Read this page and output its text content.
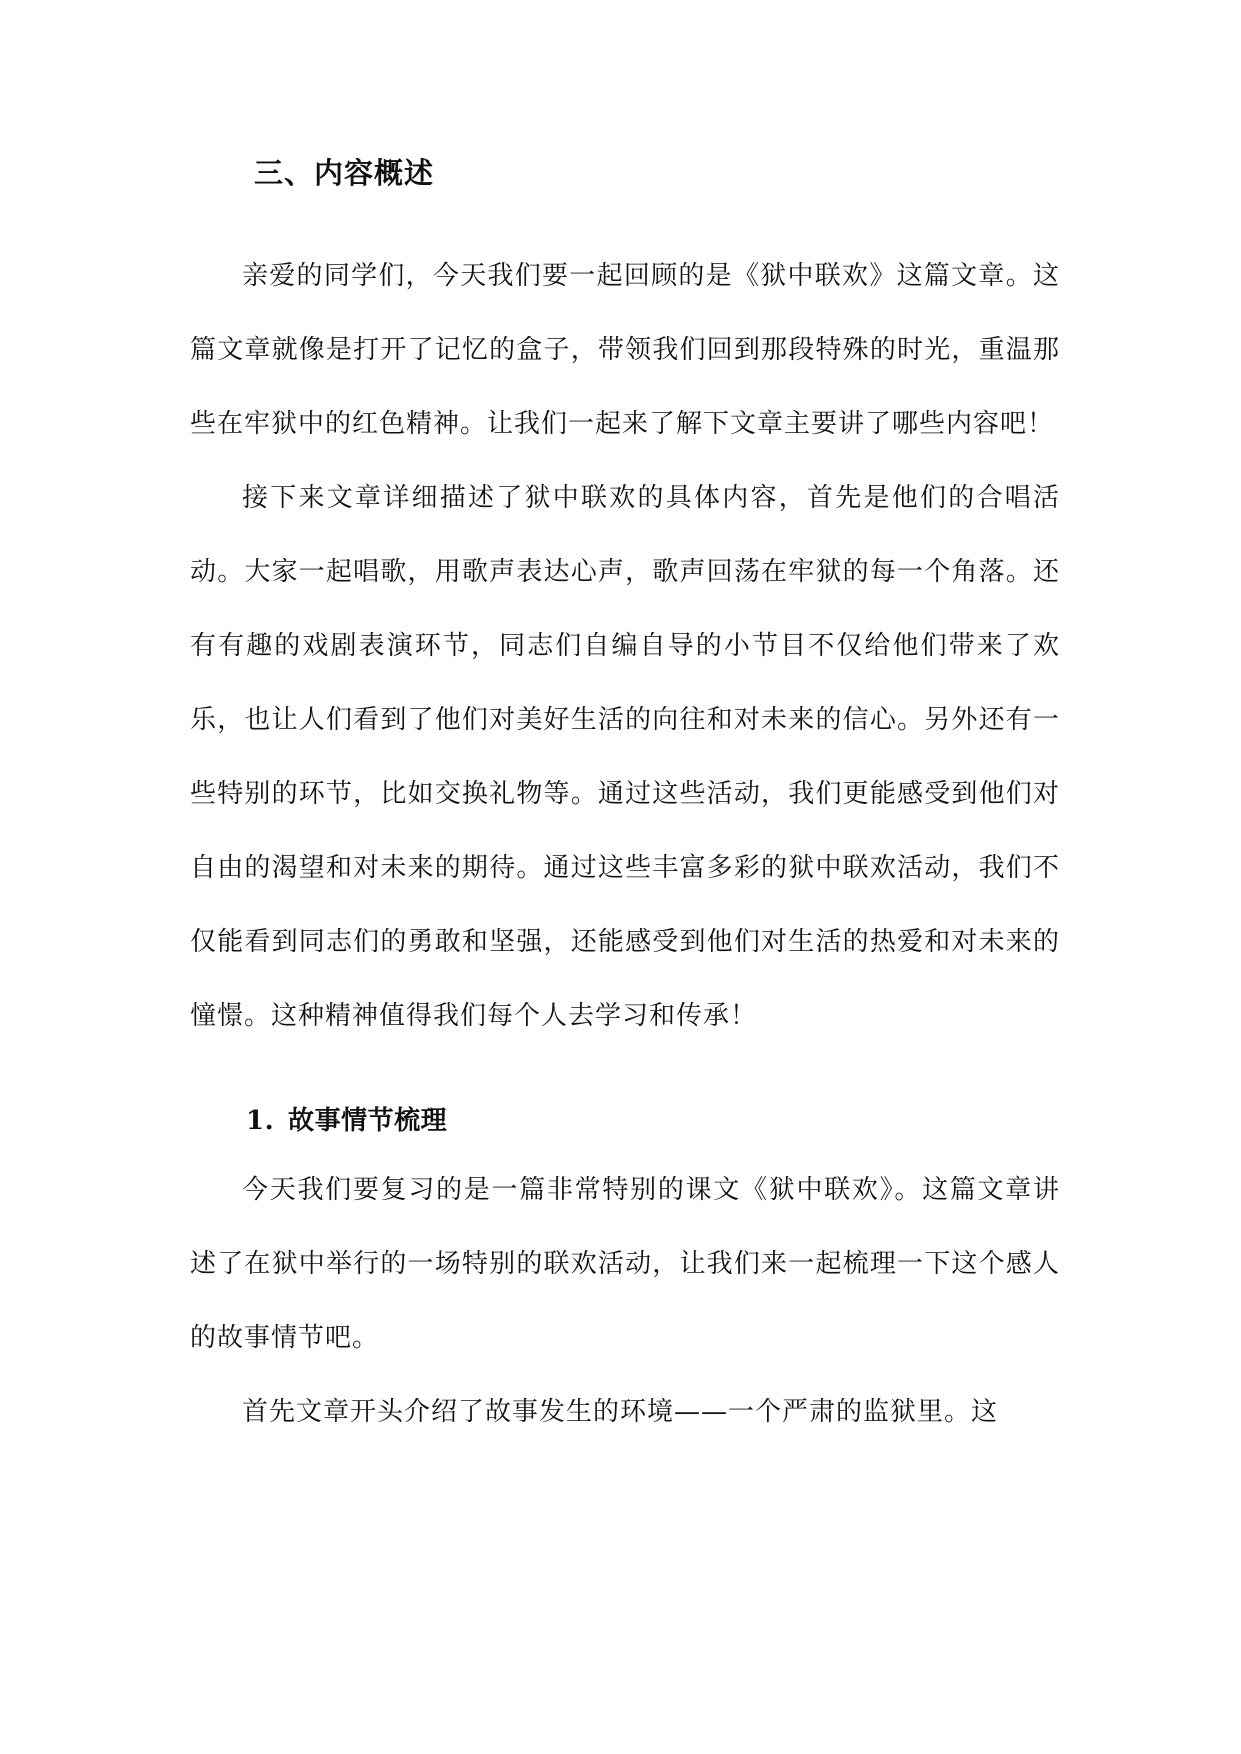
三、内容概述

亲爱的同学们，今天我们要一起回顾的是《狱中联欢》这篇文章。这篇文章就像是打开了记忆的盒子，带领我们回到那段特殊的时光，重温那些在牢狱中的红色精神。让我们一起来了解下文章主要讲了哪些内容吧！

接下来文章详细描述了狱中联欢的具体内容，首先是他们的合唱活动。大家一起唱歌，用歌声表达心声，歌声回荡在牢狱的每一个角落。还有有趣的戏剧表演环节，同志们自编自导的小节目不仅给他们带来了欢乐，也让人们看到了他们对美好生活的向往和对未来的信心。另外还有一些特别的环节，比如交换礼物等。通过这些活动，我们更能感受到他们对自由的渴望和对未来的期待。通过这些丰富多彩的狱中联欢活动，我们不仅能看到同志们的勇敢和坚强，还能感受到他们对生活的热爱和对未来的憧憬。这种精神值得我们每个人去学习和传承！

1. 故事情节梳理

今天我们要复习的是一篇非常特别的课文《狱中联欢》。这篇文章讲述了在狱中举行的一场特别的联欢活动，让我们来一起梳理一下这个感人的故事情节吧。

首先文章开头介绍了故事发生的环境——一个严肃的监狱里。这
